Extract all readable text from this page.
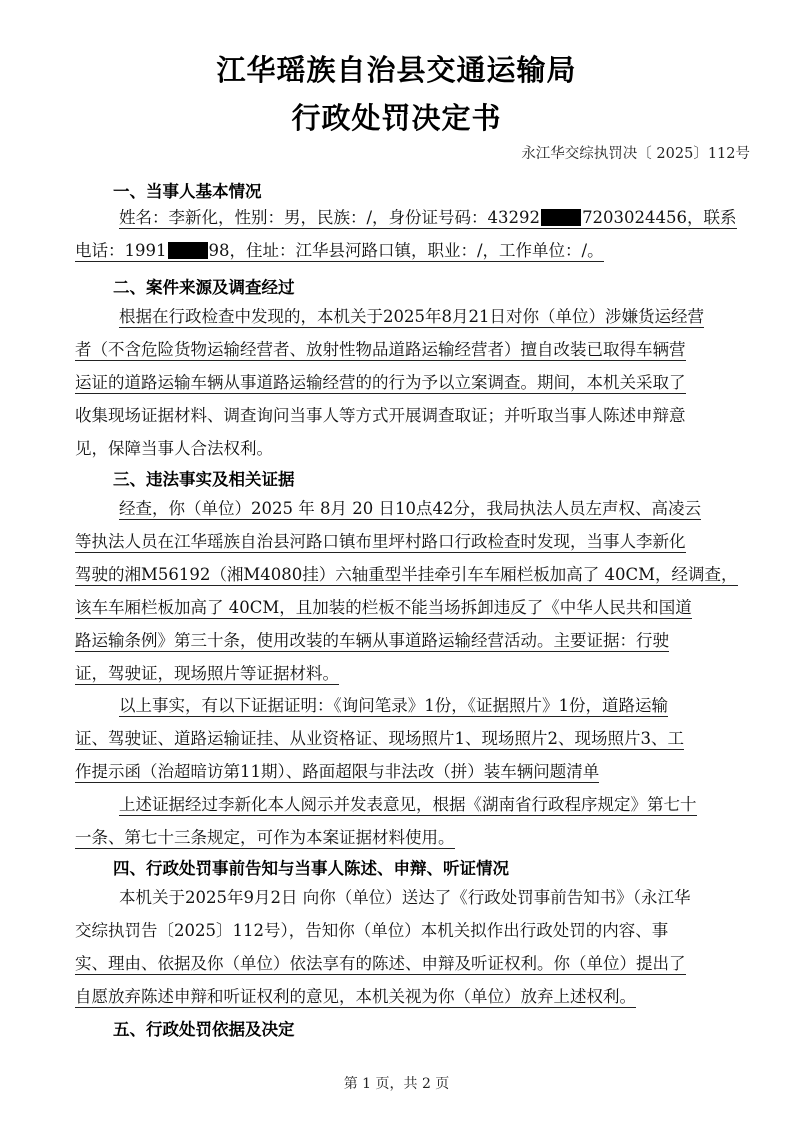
江华瑶族自治县交通运输局
行政处罚决定书
永江华交综执罚决〔 2025〕112号
一、当事人基本情况
姓名：李新化，性别：男，民族：/，身份证号码：43292	7203024456，联系
电话：1991	98，住址：江华县河路口镇，职业：/，工作单位：/。
二、案件来源及调查经过
根据在行政检查中发现的，本机关于2025年8月21日对你（单位）涉嫌货运经营
者（不含危险货物运输经营者、放射性物品道路运输经营者）擅自改装已取得车辆营
运证的道路运输车辆从事道路运输经营的的行为予以立案调查。期间，本机关采取了
收集现场证据材料、调查询问当事人等方式开展调查取证；并听取当事人陈述申辩意
见，保障当事人合法权利。
三、违法事实及相关证据
经查，你（单位）2025 年 8月 20 日10点42分，我局执法人员左声权、高凌云
等执法人员在江华瑶族自治县河路口镇布里坪村路口行政检查时发现，当事人李新化
驾驶的湘M56192（湘M4080挂）六轴重型半挂牵引车车厢栏板加高了 40CM，经调查，
该车车厢栏板加高了 40CM，且加装的栏板不能当场拆卸违反了《中华人民共和国道
路运输条例》第三十条，使用改装的车辆从事道路运输经营活动。主要证据：行驶
证，驾驶证，现场照片等证据材料。
以上事实，有以下证据证明：《询问笔录》1份，《证据照片》1份，道路运输
证、驾驶证、道路运输证挂、从业资格证、现场照片1、现场照片2、现场照片3、工
作提示函（治超暗访第11期）、路面超限与非法改（拼）装车辆问题清单
上述证据经过李新化本人阅示并发表意见，根据《湖南省行政程序规定》第七十
一条、第七十三条规定，可作为本案证据材料使用。
四、行政处罚事前告知与当事人陈述、申辩、听证情况
本机关于2025年9月2日 向你（单位）送达了《行政处罚事前告知书》（永江华
交综执罚告〔2025〕112号），告知你（单位）本机关拟作出行政处罚的内容、事
实、理由、依据及你（单位）依法享有的陈述、申辩及听证权利。你（单位）提出了
自愿放弃陈述申辩和听证权利的意见，本机关视为你（单位）放弃上述权利。
五、行政处罚依据及决定
第 1 页，共 2 页
